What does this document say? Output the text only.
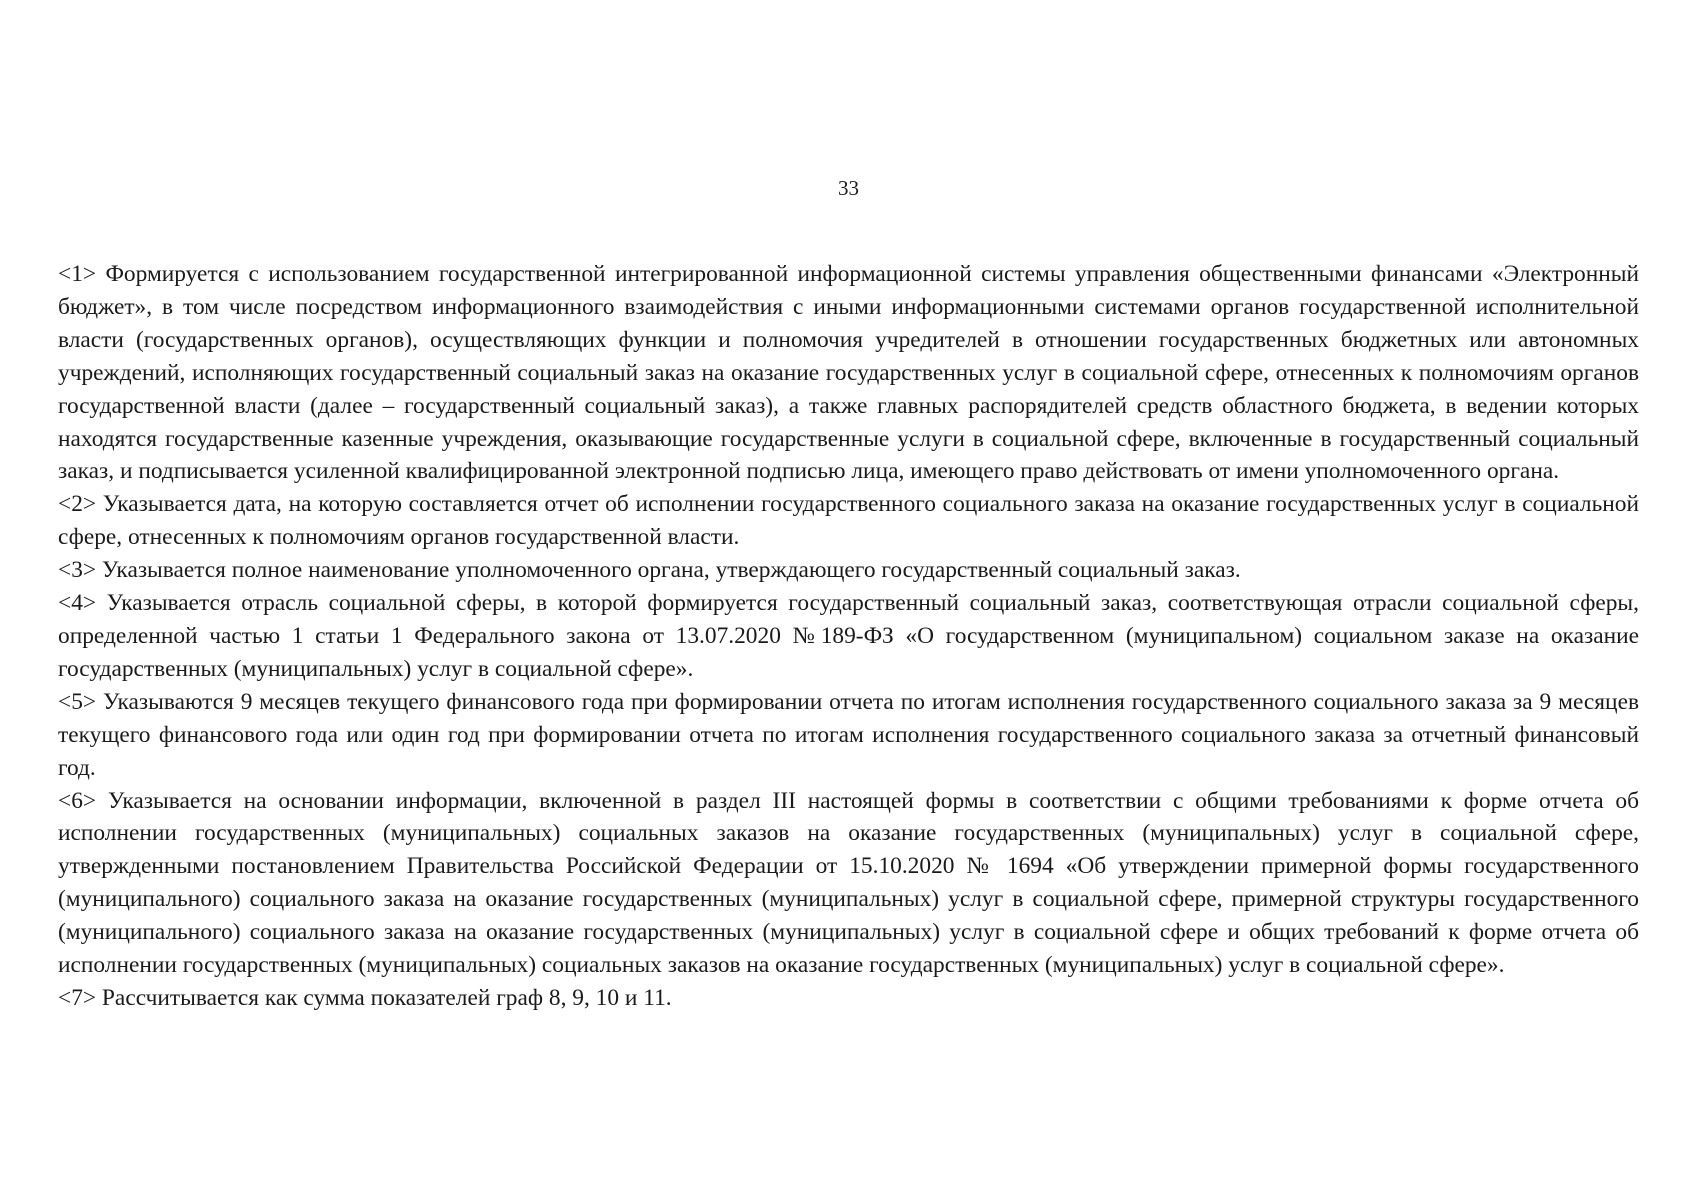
33

<1> Формируется с использованием государственной интегрированной информационной системы управления общественными финансами «Электронный бюджет», в том числе посредством информационного взаимодействия с иными информационными системами органов государственной исполнительной власти (государственных органов), осуществляющих функции и полномочия учредителей в отношении государственных бюджетных или автономных учреждений, исполняющих государственный социальный заказ на оказание государственных услуг в социальной сфере, отнесенных к полномочиям органов государственной власти (далее – государственный социальный заказ), а также главных распорядителей средств областного бюджета, в ведении которых находятся государственные казенные учреждения, оказывающие государственные услуги в социальной сфере, включенные в государственный социальный заказ, и подписывается усиленной квалифицированной электронной подписью лица, имеющего право действовать от имени уполномоченного органа.

<2> Указывается дата, на которую составляется отчет об исполнении государственного социального заказа на оказание государственных услуг в социальной сфере, отнесенных к полномочиям органов государственной власти.

<3> Указывается полное наименование уполномоченного органа, утверждающего государственный социальный заказ.

<4> Указывается отрасль социальной сферы, в которой формируется государственный социальный заказ, соответствующая отрасли социальной сферы, определенной частью 1 статьи 1 Федерального закона от 13.07.2020 №189-ФЗ «О государственном (муниципальном) социальном заказе на оказание государственных (муниципальных) услуг в социальной сфере».

<5> Указываются 9 месяцев текущего финансового года при формировании отчета по итогам исполнения государственного социального заказа за 9 месяцев текущего финансового года или один год при формировании отчета по итогам исполнения государственного социального заказа за отчетный финансовый год.

<6> Указывается на основании информации, включенной в раздел III настоящей формы в соответствии с общими требованиями к форме отчета об исполнении государственных (муниципальных) социальных заказов на оказание государственных (муниципальных) услуг в социальной сфере, утвержденными постановлением Правительства Российской Федерации от 15.10.2020 № 1694 «Об утверждении примерной формы государственного (муниципального) социального заказа на оказание государственных (муниципальных) услуг в социальной сфере, примерной структуры государственного (муниципального) социального заказа на оказание государственных (муниципальных) услуг в социальной сфере и общих требований к форме отчета об исполнении государственных (муниципальных) социальных заказов на оказание государственных (муниципальных) услуг в социальной сфере».

<7> Рассчитывается как сумма показателей граф 8, 9, 10 и 11.
